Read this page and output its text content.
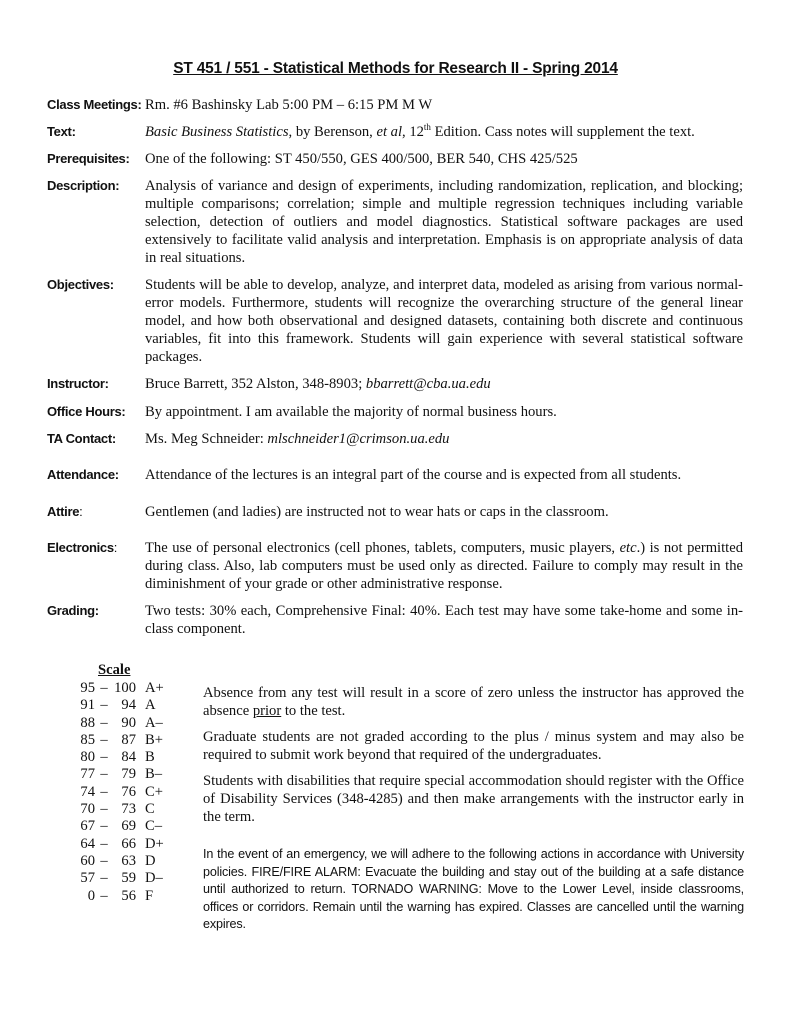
ST 451 / 551 - Statistical Methods for Research II - Spring 2014
Class Meetings: Rm. #6 Bashinsky Lab 5:00 PM – 6:15 PM M W
Text:	Basic Business Statistics, by Berenson, et al, 12th Edition. Cass notes will supplement the text.
Prerequisites:	One of the following: ST 450/550, GES 400/500, BER 540, CHS 425/525
Description:	Analysis of variance and design of experiments, including randomization, replication, and blocking; multiple comparisons; correlation; simple and multiple regression techniques including variable selection, detection of outliers and model diagnostics. Statistical software packages are used extensively to facilitate valid analysis and interpretation. Emphasis is on appropriate analysis of data in real situations.
Objectives:	Students will be able to develop, analyze, and interpret data, modeled as arising from various normal-error models. Furthermore, students will recognize the overarching structure of the general linear model, and how both observational and designed datasets, containing both discrete and continuous variables, fit into this framework. Students will gain experience with several statistical software packages.
Instructor:	Bruce Barrett, 352 Alston, 348-8903; bbarrett@cba.ua.edu
Office Hours:	By appointment. I am available the majority of normal business hours.
TA Contact:	Ms. Meg Schneider: mlschneider1@crimson.ua.edu
Attendance:	Attendance of the lectures is an integral part of the course and is expected from all students.
Attire:	Gentlemen (and ladies) are instructed not to wear hats or caps in the classroom.
Electronics:	The use of personal electronics (cell phones, tablets, computers, music players, etc.) is not permitted during class. Also, lab computers must be used only as directed. Failure to comply may result in the diminishment of your grade or other administrative response.
Grading:	Two tests: 30% each, Comprehensive Final: 40%. Each test may have some take-home and some in-class component.
Scale
95 – 100 A+
91 – 94 A
88 – 90 A–
85 – 87 B+
80 – 84 B
77 – 79 B–
74 – 76 C+
70 – 73 C
67 – 69 C–
64 – 66 D+
60 – 63 D
57 – 59 D–
0 – 56 F
Absence from any test will result in a score of zero unless the instructor has approved the absence prior to the test.
Graduate students are not graded according to the plus / minus system and may also be required to submit work beyond that required of the undergraduates.
Students with disabilities that require special accommodation should register with the Office of Disability Services (348-4285) and then make arrangements with the instructor early in the term.
In the event of an emergency, we will adhere to the following actions in accordance with University policies. FIRE/FIRE ALARM: Evacuate the building and stay out of the building at a safe distance until authorized to return. TORNADO WARNING: Move to the Lower Level, inside classrooms, offices or corridors. Remain until the warning has expired. Classes are cancelled until the warning expires.
